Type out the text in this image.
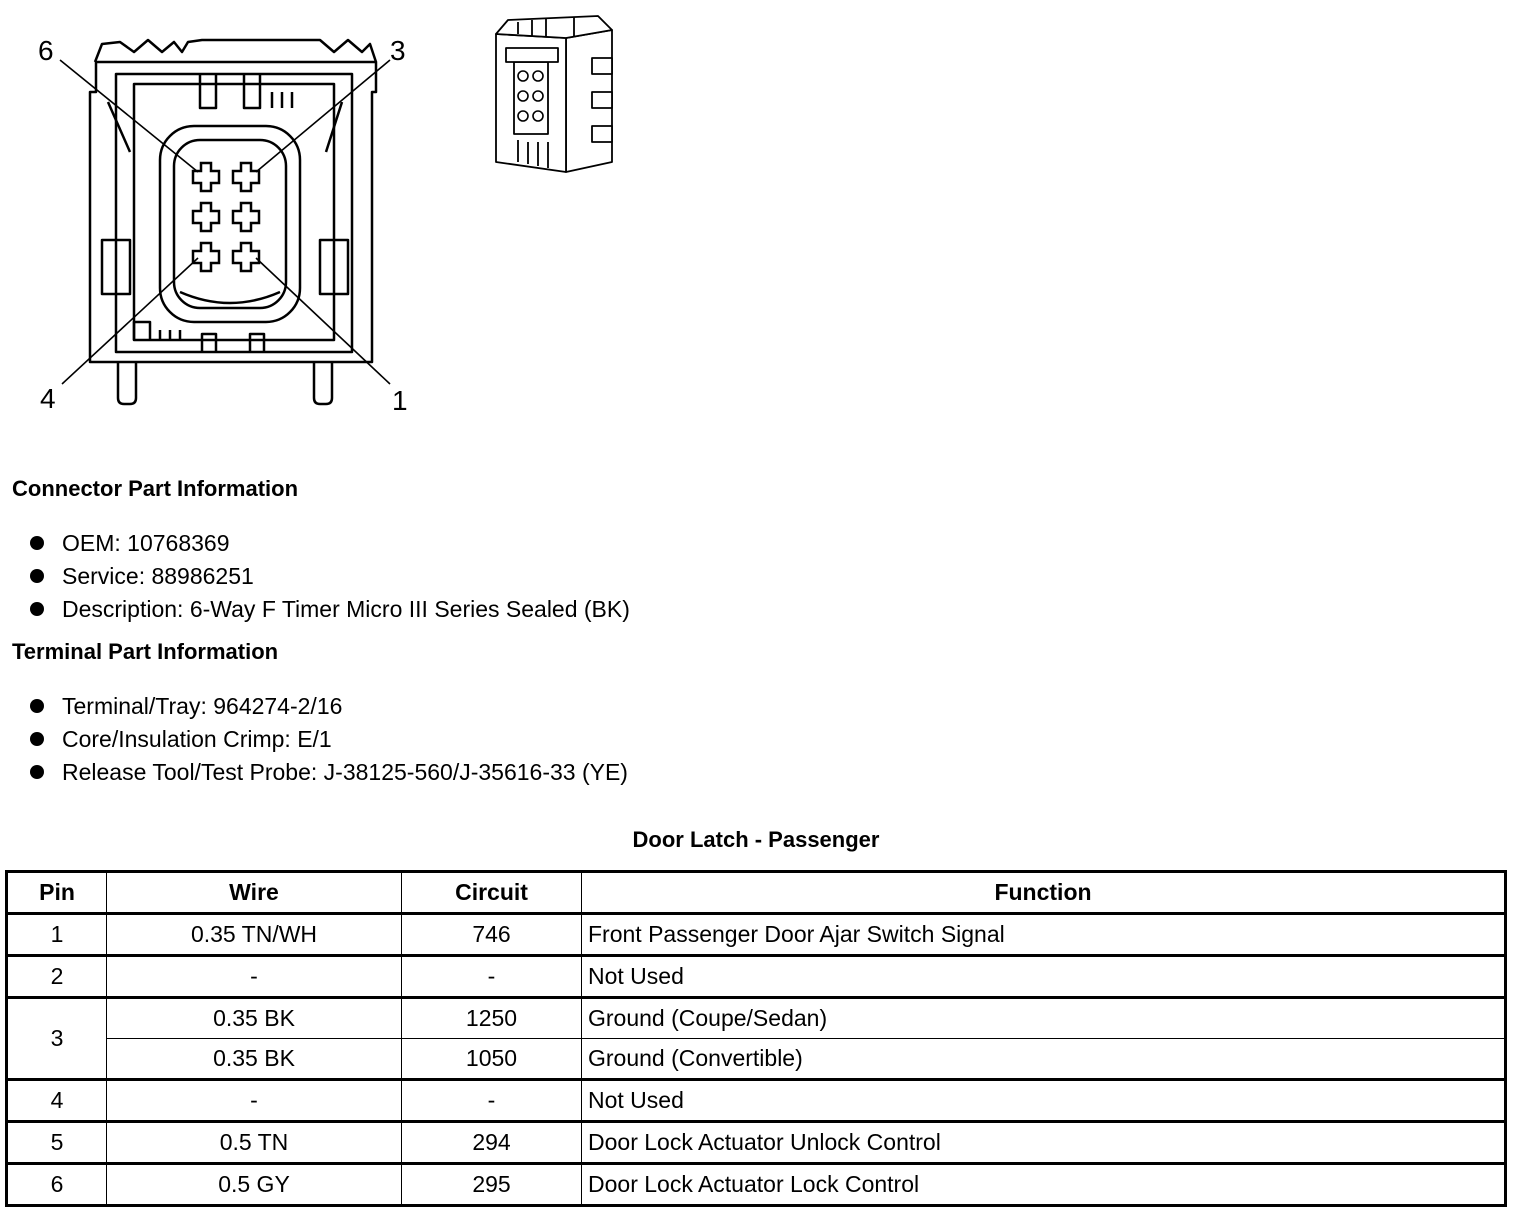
6	3
4	1
Connector Part Information
OEM: 10768369
Service: 88986251
Description: 6-Way F Timer Micro III Series Sealed (BK)
Terminal Part Information
Terminal/Tray: 964274-2/16
Core/Insulation Crimp: E/1
Release Tool/Test Probe: J-38125-560/J-35616-33 (YE)
Door Latch - Passenger
Pin	Wire	Circuit	Function
1	0.35 TN/WH	746	Front Passenger Door Ajar Switch Signal
2	-	-	Not Used
3	0.35 BK	1250	Ground (Coupe/Sedan)
	0.35 BK	1050	Ground (Convertible)
4	-	-	Not Used
5	0.5 TN	294	Door Lock Actuator Unlock Control
6	0.5 GY	295	Door Lock Actuator Lock Control
